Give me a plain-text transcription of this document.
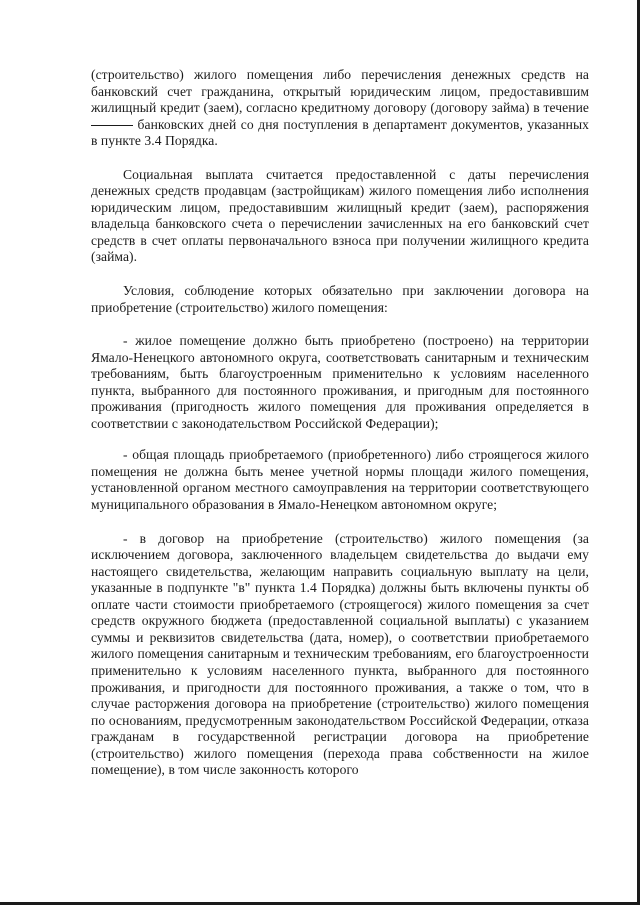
(строительство) жилого помещения либо перечисления денежных средств на банковский счет гражданина, открытый юридическим лицом, предоставившим жилищный кредит (заем), согласно кредитному договору (договору займа) в течение  банковских дней со дня поступления в департамент документов, указанных в пункте 3.4 Порядка.

Социальная выплата считается предоставленной с даты перечисления денежных средств продавцам (застройщикам) жилого помещения либо исполнения юридическим лицом, предоставившим жилищный кредит (заем), распоряжения владельца банковского счета о перечислении зачисленных на его банковский счет средств в счет оплаты первоначального взноса при получении жилищного кредита (займа).

Условия, соблюдение которых обязательно при заключении договора на приобретение (строительство) жилого помещения:

- жилое помещение должно быть приобретено (построено) на территории Ямало-Ненецкого автономного округа, соответствовать санитарным и техническим требованиям, быть благоустроенным применительно к условиям населенного пункта, выбранного для постоянного проживания, и пригодным для постоянного проживания (пригодность жилого помещения для проживания определяется в соответствии с законодательством Российской Федерации);

- общая площадь приобретаемого (приобретенного) либо строящегося жилого помещения не должна быть менее учетной нормы площади жилого помещения, установленной органом местного самоуправления на территории соответствующего муниципального образования в Ямало-Ненецком автономном округе;

- в договор на приобретение (строительство) жилого помещения (за исключением договора, заключенного владельцем свидетельства до выдачи ему настоящего свидетельства, желающим направить социальную выплату на цели, указанные в подпункте "в" пункта 1.4 Порядка) должны быть включены пункты об оплате части стоимости приобретаемого (строящегося) жилого помещения за счет средств окружного бюджета (предоставленной социальной выплаты) с указанием суммы и реквизитов свидетельства (дата, номер), о соответствии приобретаемого жилого помещения санитарным и техническим требованиям, его благоустроенности применительно к условиям населенного пункта, выбранного для постоянного проживания, и пригодности для постоянного проживания, а также о том, что в случае расторжения договора на приобретение (строительство) жилого помещения по основаниям, предусмотренным законодательством Российской Федерации, отказа гражданам в государственной регистрации договора на приобретение (строительство) жилого помещения (перехода права собственности на жилое помещение), в том числе законность которого
